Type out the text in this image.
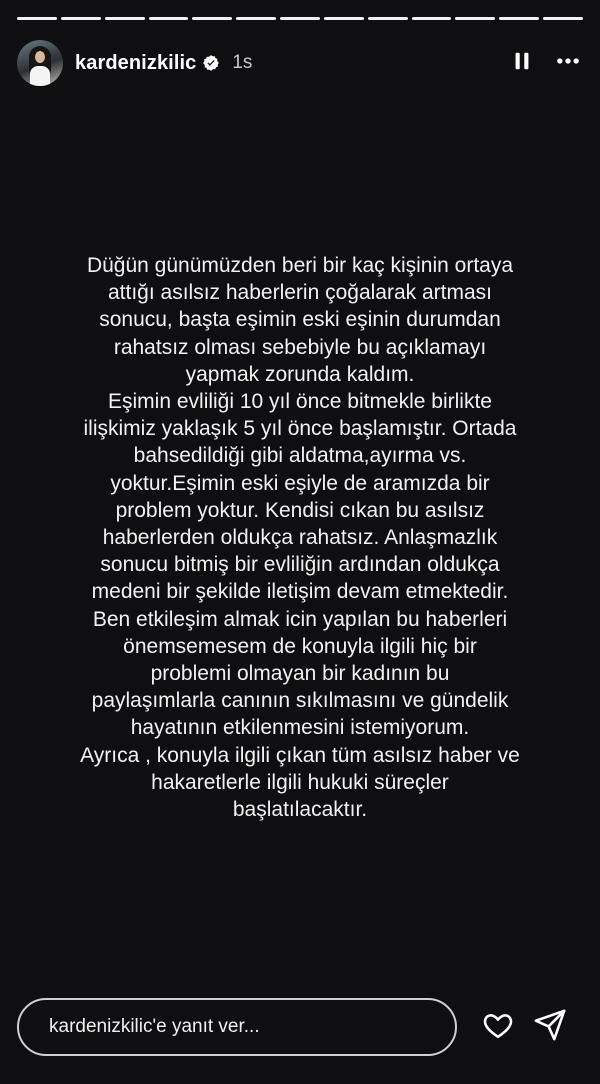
kardenizkilic 1s
Düğün günümüzden beri bir kaç kişinin ortaya
attığı asılsız haberlerin çoğalarak artması
sonucu, başta eşimin eski eşinin durumdan
rahatsız olması sebebiyle bu açıklamayı
yapmak zorunda kaldım.
Eşimin evliliği 10 yıl önce bitmekle birlikte
ilişkimiz yaklaşık 5 yıl önce başlamıştır. Ortada
bahsedildiği gibi aldatma,ayırma vs.
yoktur.Eşimin eski eşiyle de aramızda bir
problem yoktur. Kendisi cıkan bu asılsız
haberlerden oldukça rahatsız. Anlaşmazlık
sonucu bitmiş bir evliliğin ardından oldukça
medeni bir şekilde iletişim devam etmektedir.
Ben etkileşim almak icin yapılan bu haberleri
önemsemesem de konuyla ilgili hiç bir
problemi olmayan bir kadının bu
paylaşımlarla canının sıkılmasını ve gündelik
hayatının etkilenmesini istemiyorum.
Ayrıca , konuyla ilgili çıkan tüm asılsız haber ve
hakaretlerle ilgili hukuki süreçler
başlatılacaktır.
kardenizkilic'e yanıt ver...
